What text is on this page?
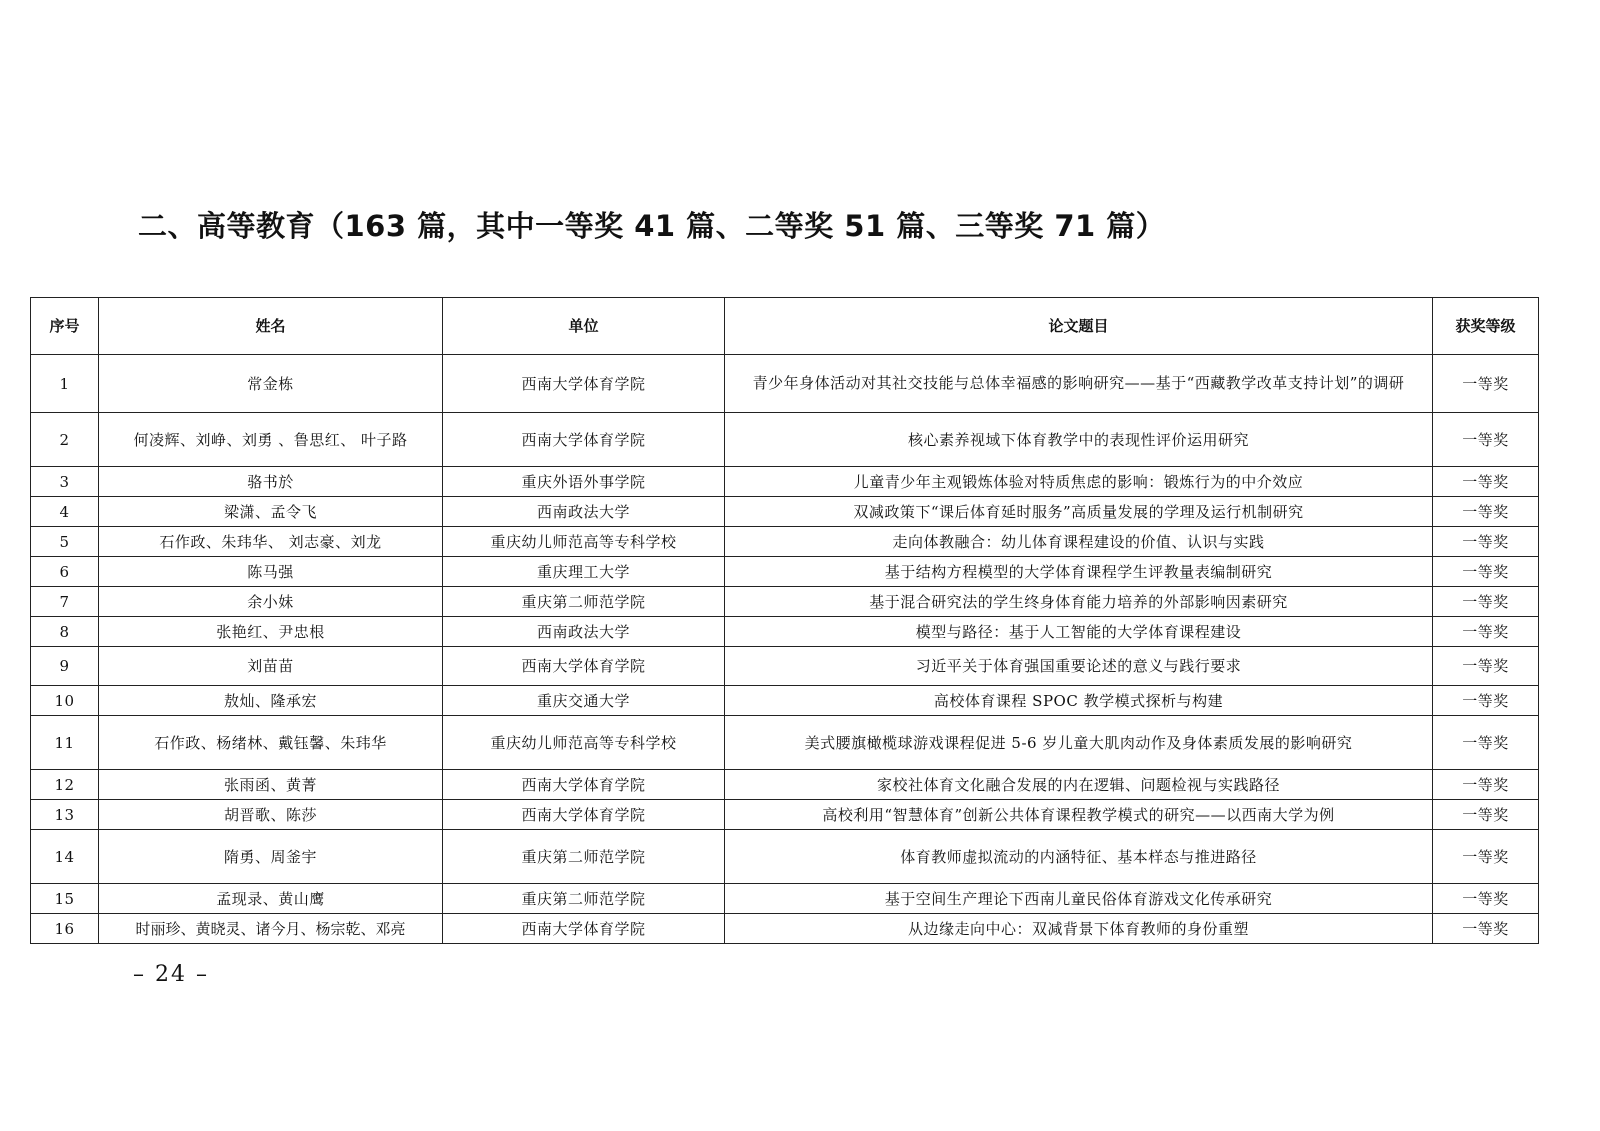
二、高等教育（163 篇，其中一等奖 41 篇、二等奖 51 篇、三等奖 71 篇）
序号	姓名	单位	论文题目	获奖等级
1	常金栋	西南大学体育学院	青少年身体活动对其社交技能与总体幸福感的影响研究——基于“西藏教学改革支持计划”的调研	一等奖
2	何凌辉、刘峥、刘勇 、鲁思红、 叶子路	西南大学体育学院	核心素养视域下体育教学中的表现性评价运用研究	一等奖
3	骆书於	重庆外语外事学院	儿童青少年主观锻炼体验对特质焦虑的影响：锻炼行为的中介效应	一等奖
4	梁潇、孟令飞	西南政法大学	双减政策下“课后体育延时服务”高质量发展的学理及运行机制研究	一等奖
5	石作政、朱玮华、 刘志豪、刘龙	重庆幼儿师范高等专科学校	走向体教融合：幼儿体育课程建设的价值、认识与实践	一等奖
6	陈马强	重庆理工大学	基于结构方程模型的大学体育课程学生评教量表编制研究	一等奖
7	余小妹	重庆第二师范学院	基于混合研究法的学生终身体育能力培养的外部影响因素研究	一等奖
8	张艳红、尹忠根	西南政法大学	模型与路径：基于人工智能的大学体育课程建设	一等奖
9	刘苗苗	西南大学体育学院	习近平关于体育强国重要论述的意义与践行要求	一等奖
10	敖灿、隆承宏	重庆交通大学	高校体育课程 SPOC 教学模式探析与构建	一等奖
11	石作政、杨绪林、戴钰馨、朱玮华	重庆幼儿师范高等专科学校	美式腰旗橄榄球游戏课程促进 5-6 岁儿童大肌肉动作及身体素质发展的影响研究	一等奖
12	张雨函、黄菁	西南大学体育学院	家校社体育文化融合发展的内在逻辑、问题检视与实践路径	一等奖
13	胡晋歌、陈莎	西南大学体育学院	高校利用“智慧体育”创新公共体育课程教学模式的研究——以西南大学为例	一等奖
14	隋勇、周釜宇	重庆第二师范学院	体育教师虚拟流动的内涵特征、基本样态与推进路径	一等奖
15	孟现录、黄山鹰	重庆第二师范学院	基于空间生产理论下西南儿童民俗体育游戏文化传承研究	一等奖
16	时丽珍、黄晓灵、诸今月、杨宗乾、邓亮	西南大学体育学院	从边缘走向中心：双减背景下体育教师的身份重塑	一等奖
– 24 –
